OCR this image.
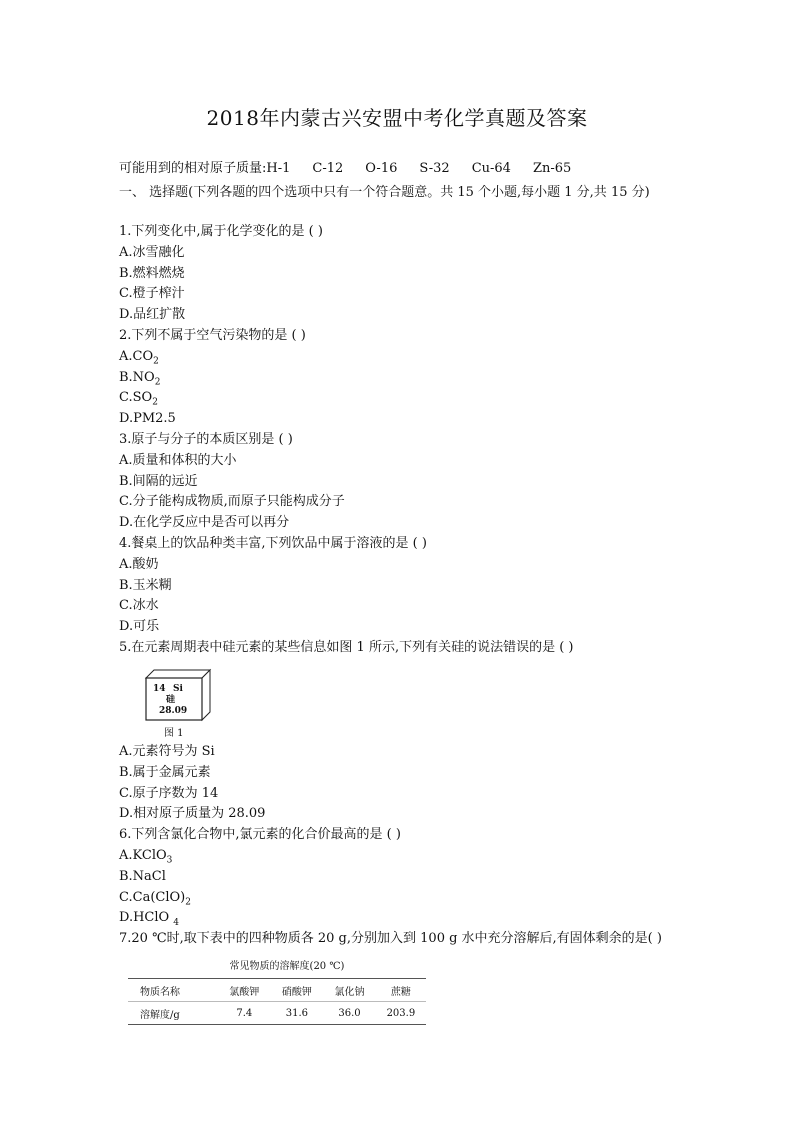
2018年内蒙古兴安盟中考化学真题及答案
可能用到的相对原子质量:H-1 C-12 O-16 S-32 Cu-64 Zn-65
一、 选择题(下列各题的四个选项中只有一个符合题意。共 15 个小题,每小题 1 分,共 15 分)
1.下列变化中,属于化学变化的是 ( )
A.冰雪融化
B.燃料燃烧
C.橙子榨汁
D.品红扩散
2.下列不属于空气污染物的是 ( )
$A.CO_2$
$B.NO_2$
$C.SO_2$
D.PM2.5
3.原子与分子的本质区别是 ( )
A.质量和体积的大小
B.间隔的远近
C.分子能构成物质,而原子只能构成分子
D.在化学反应中是否可以再分
4.餐桌上的饮品种类丰富,下列饮品中属于溶液的是 ( )
A.酸奶
B.玉米糊
C.冰水
D.可乐
5.在元素周期表中硅元素的某些信息如图 1 所示,下列有关硅的说法错误的是 ( )
14 Si
硅
28.09
图 1
A.元素符号为 Si
B.属于金属元素
C.原子序数为 14
D.相对原子质量为 28.09
6.下列含氯化合物中,氯元素的化合价最高的是 ( )
A.KClO$_3$
B.NaCl
$C.Ca(ClO)_2$
D.HClO $_4$
7.20 ℃时,取下表中的四种物质各 20 g,分别加入到 100 g 水中充分溶解后,有固体剩余的是( )
常见物质的溶解度(20 ℃)
物质名称	氯酸钾	硝酸钾	氯化钠	蔗糖
溶解度/g	7.4	31.6	36.0	203.9
